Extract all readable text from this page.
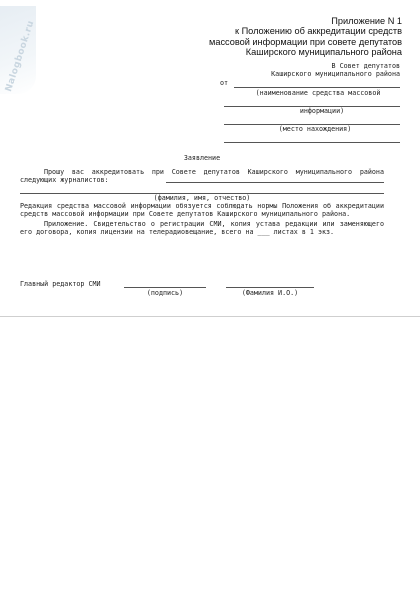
Nalogbook.ru	Приложение N 1
к Положению об аккредитации средств
массовой информации при совете депутатов
Каширского муниципального района
В Совет депутатов
Каширского муниципального района
от
(наименование средства массовой
информации)
(место нахождения)
Заявление
Прошу вас аккредитовать при Совете депутатов Каширского муниципального района следующих журналистов:
(фамилия, имя, отчество)
Редакция средства массовой информации обязуется соблюдать нормы Положения об аккредитации средств массовой информации при Совете депутатов Каширского муниципального района.
Приложение. Свидетельство о регистрации СМИ, копия устава редакции или заменяющего его договора, копия лицензии на телерадиовещание, всего на ___ листах в 1 экз.
Главный редактор СМИ
(подпись)	(Фамилия И.О.)
